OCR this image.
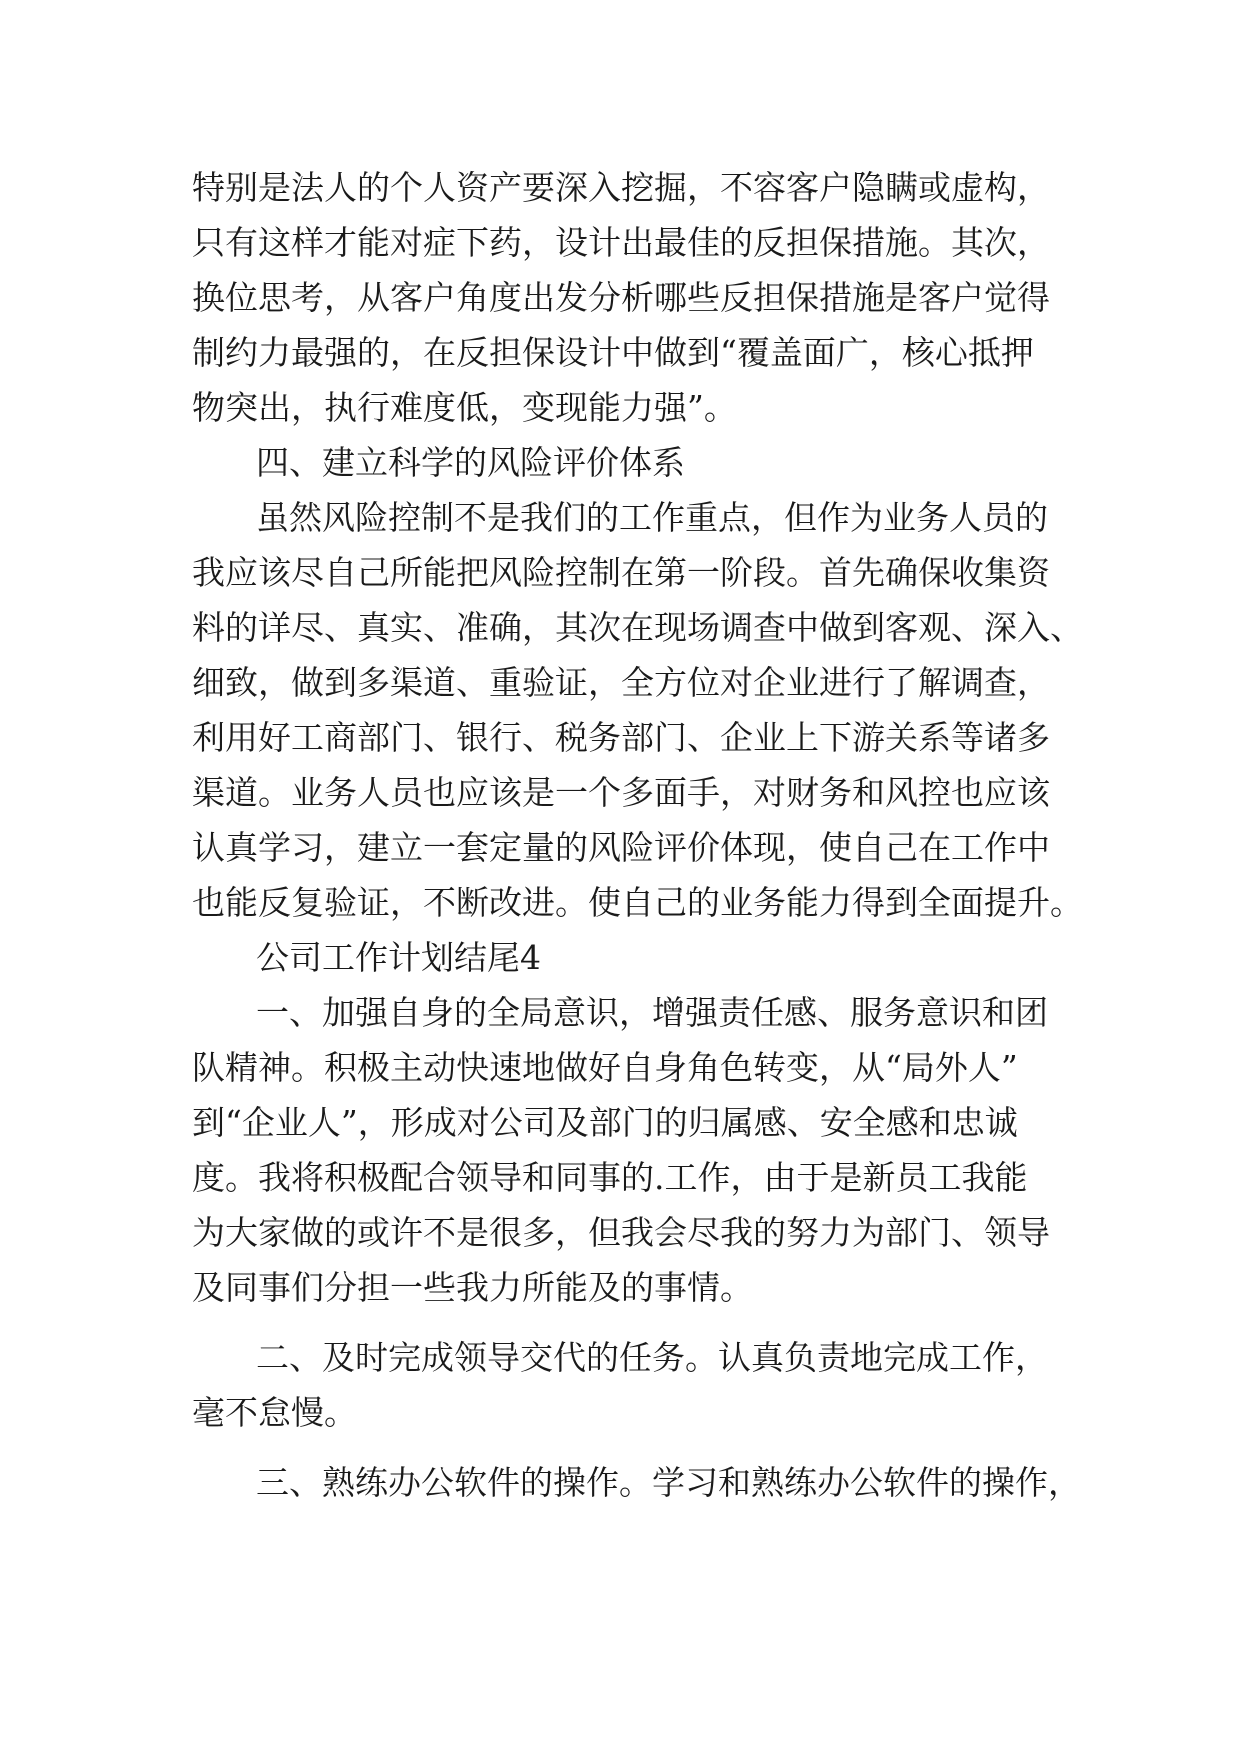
特别是法人的个人资产要深入挖掘，不容客户隐瞒或虚构，
只有这样才能对症下药，设计出最佳的反担保措施。其次，
换位思考，从客户角度出发分析哪些反担保措施是客户觉得
制约力最强的，在反担保设计中做到“覆盖面广，核心抵押
物突出，执行难度低，变现能力强”。
四、建立科学的风险评价体系
虽然风险控制不是我们的工作重点，但作为业务人员的
我应该尽自己所能把风险控制在第一阶段。首先确保收集资
料的详尽、真实、准确，其次在现场调查中做到客观、深入、
细致，做到多渠道、重验证，全方位对企业进行了解调查，
利用好工商部门、银行、税务部门、企业上下游关系等诸多
渠道。业务人员也应该是一个多面手，对财务和风控也应该
认真学习，建立一套定量的风险评价体现，使自己在工作中
也能反复验证，不断改进。使自己的业务能力得到全面提升。
公司工作计划结尾4
一、加强自身的全局意识，增强责任感、服务意识和团
队精神。积极主动快速地做好自身角色转变，从“局外人”
到“企业人”，形成对公司及部门的归属感、安全感和忠诚
度。我将积极配合领导和同事的.工作，由于是新员工我能
为大家做的或许不是很多，但我会尽我的努力为部门、领导
及同事们分担一些我力所能及的事情。
二、及时完成领导交代的任务。认真负责地完成工作，
毫不怠慢。
三、熟练办公软件的操作。学习和熟练办公软件的操作，
